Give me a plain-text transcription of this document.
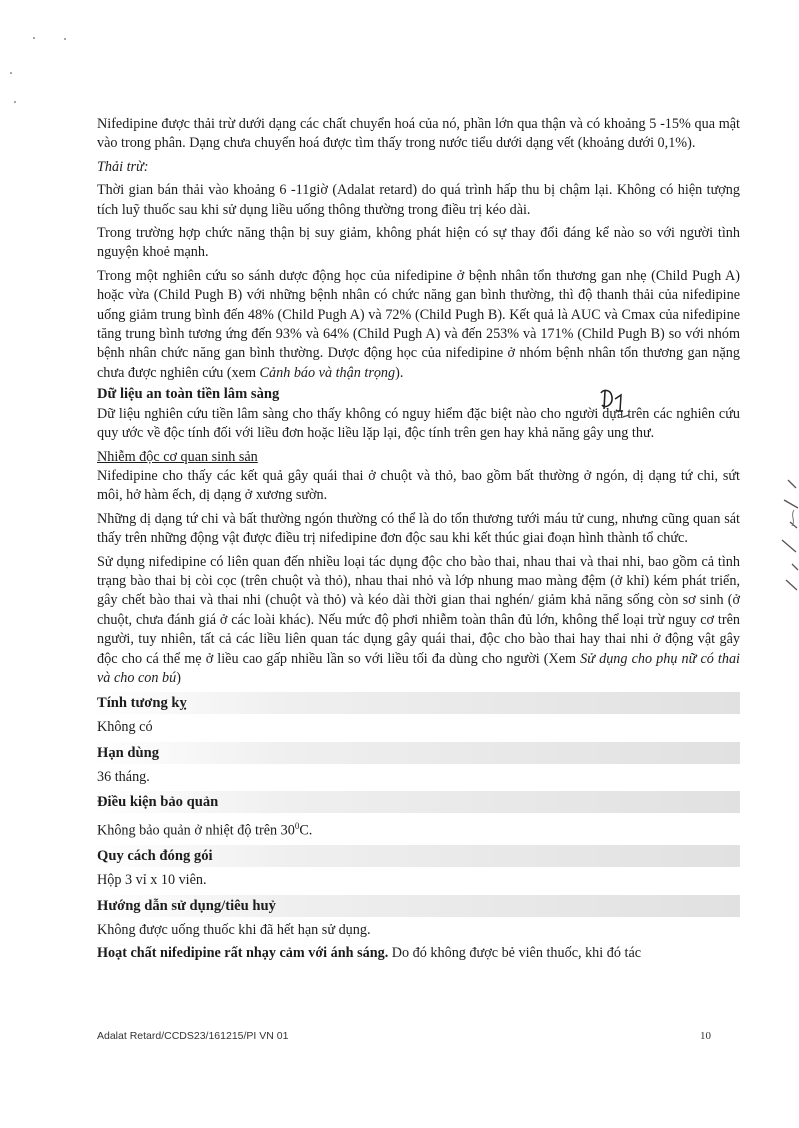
Nifedipine được thải trừ dưới dạng các chất chuyển hoá của nó, phần lớn qua thận và có khoảng 5 -15% qua mật vào trong phân. Dạng chưa chuyển hoá được tìm thấy trong nước tiểu dưới dạng vết (khoảng dưới 0,1%).

Thải trừ:

Thời gian bán thải vào khoảng 6 -11giờ (Adalat retard) do quá trình hấp thu bị chậm lại. Không có hiện tượng tích luỹ thuốc sau khi sử dụng liều uống thông thường trong điều trị kéo dài.

Trong trường hợp chức năng thận bị suy giảm, không phát hiện có sự thay đổi đáng kể nào so với người tình nguyện khoẻ mạnh.

Trong một nghiên cứu so sánh dược động học của nifedipine ở bệnh nhân tổn thương gan nhẹ (Child Pugh A) hoặc vừa (Child Pugh B) với những bệnh nhân có chức năng gan bình thường, thì độ thanh thải của nifedipine uống giảm trung bình đến 48% (Child Pugh A) và 72% (Child Pugh B). Kết quả là AUC và Cmax của nifedipine tăng trung bình tương ứng đến 93% và 64% (Child Pugh A) và đến 253% và 171% (Child Pugh B) so với nhóm bệnh nhân chức năng gan bình thường. Dược động học của nifedipine ở nhóm bệnh nhân tổn thương gan nặng chưa được nghiên cứu (xem Cảnh báo và thận trọng).

Dữ liệu an toàn tiền lâm sàng

Dữ liệu nghiên cứu tiền lâm sàng cho thấy không có nguy hiểm đặc biệt nào cho người dựa trên các nghiên cứu quy ước về độc tính đối với liều đơn hoặc liều lặp lại, độc tính trên gen hay khả năng gây ung thư.

Nhiễm độc cơ quan sinh sản

Nifedipine cho thấy các kết quả gây quái thai ở chuột và thỏ, bao gồm bất thường ở ngón, dị dạng tứ chi, sứt môi, hở hàm ếch, dị dạng ở xương sườn.

Những dị dạng tứ chi và bất thường ngón thường có thể là do tổn thương tưới máu tử cung, nhưng cũng quan sát thấy trên những động vật được điều trị nifedipine đơn độc sau khi kết thúc giai đoạn hình thành tổ chức.

Sử dụng nifedipine có liên quan đến nhiều loại tác dụng độc cho bào thai, nhau thai và thai nhi, bao gồm cả tình trạng bào thai bị còi cọc (trên chuột và thỏ), nhau thai nhỏ và lớp nhung mao màng đệm (ở khỉ) kém phát triển, gây chết bào thai và thai nhi (chuột và thỏ) và kéo dài thời gian thai nghén/ giảm khả năng sống còn sơ sinh (ở chuột, chưa đánh giá ở các loài khác). Nếu mức độ phơi nhiễm toàn thân đủ lớn, không thể loại trừ nguy cơ trên người, tuy nhiên, tất cả các liều liên quan tác dụng gây quái thai, độc cho bào thai hay thai nhi ở động vật gây độc cho cá thể mẹ ở liều cao gấp nhiều lần so với liều tối đa dùng cho người (Xem Sử dụng cho phụ nữ có thai và cho con bú)

Tính tương kỵ

Không có

Hạn dùng

36 tháng.

Điều kiện bảo quản

Không bảo quản ở nhiệt độ trên $30^0C$.

Quy cách đóng gói

Hộp 3 vỉ x 10 viên.

Hướng dẫn sử dụng/tiêu huỷ

Không được uống thuốc khi đã hết hạn sử dụng.

Hoạt chất nifedipine rất nhạy cảm với ánh sáng. Do đó không được bẻ viên thuốc, khi đó tác

Adalat Retard/CCDS23/161215/PI VN 01	10
